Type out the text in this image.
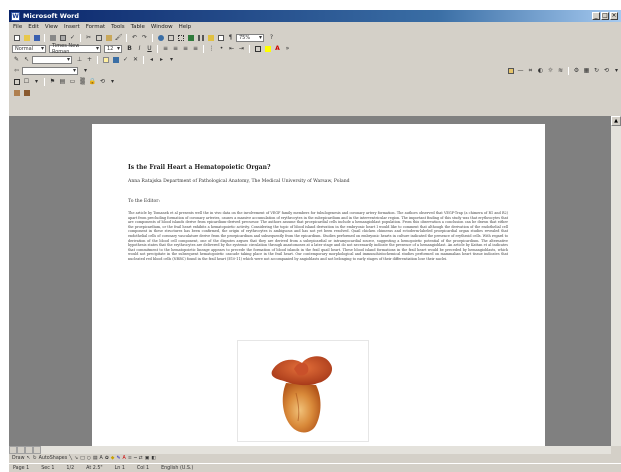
W Microsoft Word	_ □ ×
File Edit View Insert Format Tools Table Window Help
✓	✂	🖌	↶ ↷	¶	75% ▾	?
Normal ▾	Times New Roman ▾	12 ▾	B	I	U	≡ ≡ ≡ ≡	⋮ • ⇤ ⇥	A »
✎ ↖ ▾	⊥ +	✓ ✕	◂	▸	▾
⇦ ▾	▾	— ⌗ ◐ ☼ ≋	⚙ ▦ ↻ ⟲ ▾
☐ ▾	⚑ ▤ ▭ ▒ 🔒 ⟲ ▾
Is the Frail Heart a Hematopoietic Organ?
Anna Ratajska Department of Pathological Anatomy, The Medical University of Warsaw, Poland
To the Editor:
The article by Tomanek et al presents well the in vivo data on the involvement of VEGF family members for tubulogenesis and coronary artery formation. The authors observed that VEGF-Trap (a chimera of R1 and R2) apart from precluding formation of coronary arteries, causes a massive accumulation of erythrocytes in the subepicardium and in the interventricular region. The important finding of this study was that erythrocytes that are components of blood islands derive from epicardium-derived precursor. The authors assume that proepicardial cells include a hemangioblast population. From this observation a conclusion can be drawn that either the proepicardium, or the frail heart exhibits a hematopoietic activity. Considering the topic of blood island derivation in the embryonic heart I would like to comment that although the derivation of the endothelial cell component in these structures has been confirmed, the origin of erythrocytes is ambiguous and has not yet been resolved. Quail chicken chimeras and ectoderm-labeled proepicardial organ studies revealed that endothelial cells of coronary vasculature derive from the proepicardium and subsequently from the epicardium. Studies performed on embryonic hearts in culture indicated the presence of erythroid cells. With regard to derivation of the blood cell component, one of the disputes argues that they are derived from a subepicardial or intramyocardial source, suggesting a hemopoietic potential of the proepicardium. The alternative hypothesis states that the erythrocytes are delivered by the systemic circulation through anastomoses at a later stage and do not necessarily indicate the presence of a hemangioblast. An article by Kattan et al indicates that commitment to the hematopoietic lineage appears to precede the formation of blood islands in the frail quail heart. These blood island formations in the frail heart would be preceded by hemangioblasts, which would not precipitate in the subsequent hematopoietic cascade taking place in the frail heart. Our contemporary morphological and immunohistochemical studies performed on mammalian heart tissue indicates that nucleated red blood cells (NRBC) found in the frail heart (E10-11) which were not accompanied by angioblasts and not belonging to early stages of their differentiation lose their nuclei.
▲
Draw ↖ ↻ AutoShapes ╲ ↘ □ ○ ▤ A ✿ ◆ ✎ A ≡ ┅ ⇄ ▣ ◧
Page 1	Sec 1	1/2	At 2.5"	Ln 1	Col 1	English (U.S.)
